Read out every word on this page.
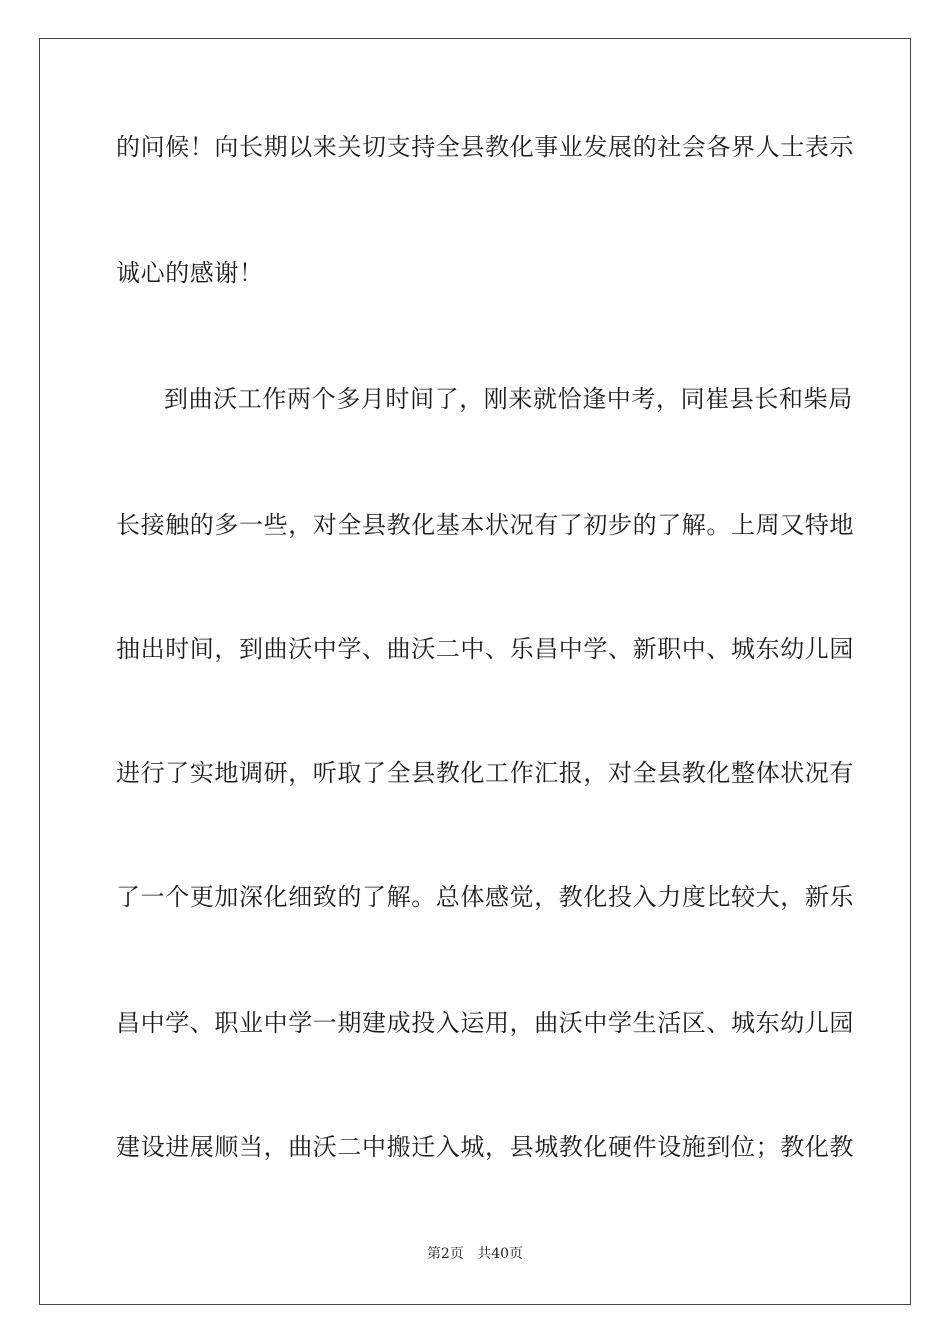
的问候！向长期以来关切支持全县教化事业发展的社会各界人士表示
诚心的感谢！
到曲沃工作两个多月时间了，刚来就恰逢中考，同崔县长和柴局
长接触的多一些，对全县教化基本状况有了初步的了解。上周又特地
抽出时间，到曲沃中学、曲沃二中、乐昌中学、新职中、城东幼儿园
进行了实地调研，听取了全县教化工作汇报，对全县教化整体状况有
了一个更加深化细致的了解。总体感觉，教化投入力度比较大，新乐
昌中学、职业中学一期建成投入运用，曲沃中学生活区、城东幼儿园
建设进展顺当，曲沃二中搬迁入城，县城教化硬件设施到位；教化教
第2页 共40页
